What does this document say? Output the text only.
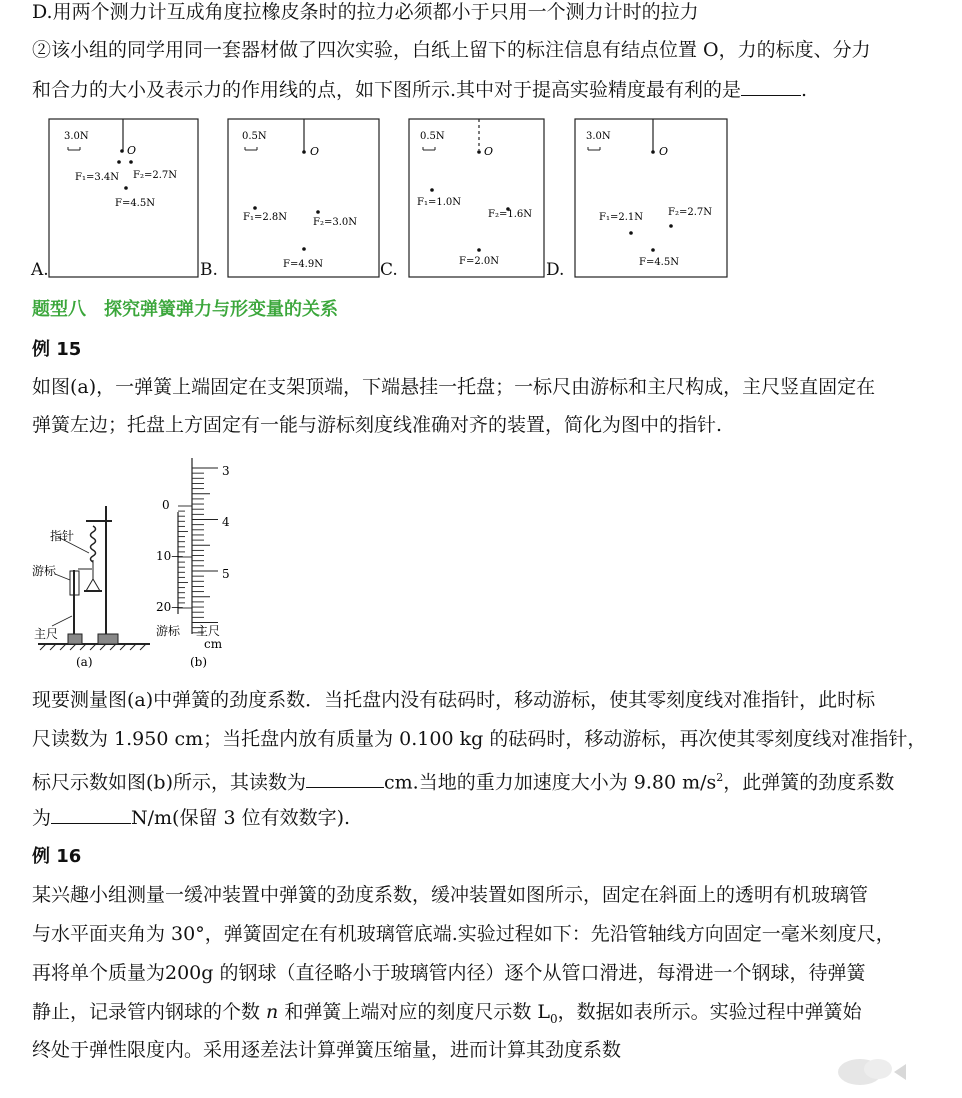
D.用两个测力计互成角度拉橡皮条时的拉力必须都小于只用一个测力计时的拉力
②该小组的同学用同一套器材做了四次实验，白纸上留下的标注信息有结点位置 O，力的标度、分力
和合力的大小及表示力的作用线的点，如下图所示.其中对于提高实验精度最有利的是	.
3.0N
O
F₁=3.4N F₂=2.7N
F=4.5N
0.5N
O
F₁=2.8N	F₂=3.0N
F=4.9N
0.5N
O
F₁=1.0N
F₂=1.6N
F=2.0N
3.0N
O
F₁=2.1N	F₂=2.7N
F=4.5N
A.	B.	C.	D.
题型八　探究弹簧弹力与形变量的关系
例 15
如图(a)，一弹簧上端固定在支架顶端，下端悬挂一托盘；一标尺由游标和主尺构成，主尺竖直固定在
弹簧左边；托盘上方固定有一能与游标刻度线准确对齐的装置，简化为图中的指针.
指针
游标
主尺
(a)
0
10—
20—
3
4
5
游标 主尺
cm
(b)
现要测量图(a)中弹簧的劲度系数．当托盘内没有砝码时，移动游标，使其零刻度线对准指针，此时标
尺读数为 1.950 cm；当托盘内放有质量为 0.100 kg 的砝码时，移动游标，再次使其零刻度线对准指针，
标尺示数如图(b)所示，其读数为	cm.当地的重力加速度大小为 9.80 $m/s^2$，此弹簧的劲度系数
为	N/m(保留 3 位有效数字).
例 16
某兴趣小组测量一缓冲装置中弹簧的劲度系数，缓冲装置如图所示，固定在斜面上的透明有机玻璃管
与水平面夹角为 30°，弹簧固定在有机玻璃管底端.实验过程如下：先沿管轴线方向固定一毫米刻度尺，
再将单个质量为200g 的钢球（直径略小于玻璃管内径）逐个从管口滑进，每滑进一个钢球，待弹簧
静止，记录管内钢球的个数 n 和弹簧上端对应的刻度尺示数 $L_0$，数据如表所示。实验过程中弹簧始
终处于弹性限度内。采用逐差法计算弹簧压缩量，进而计算其劲度系数
